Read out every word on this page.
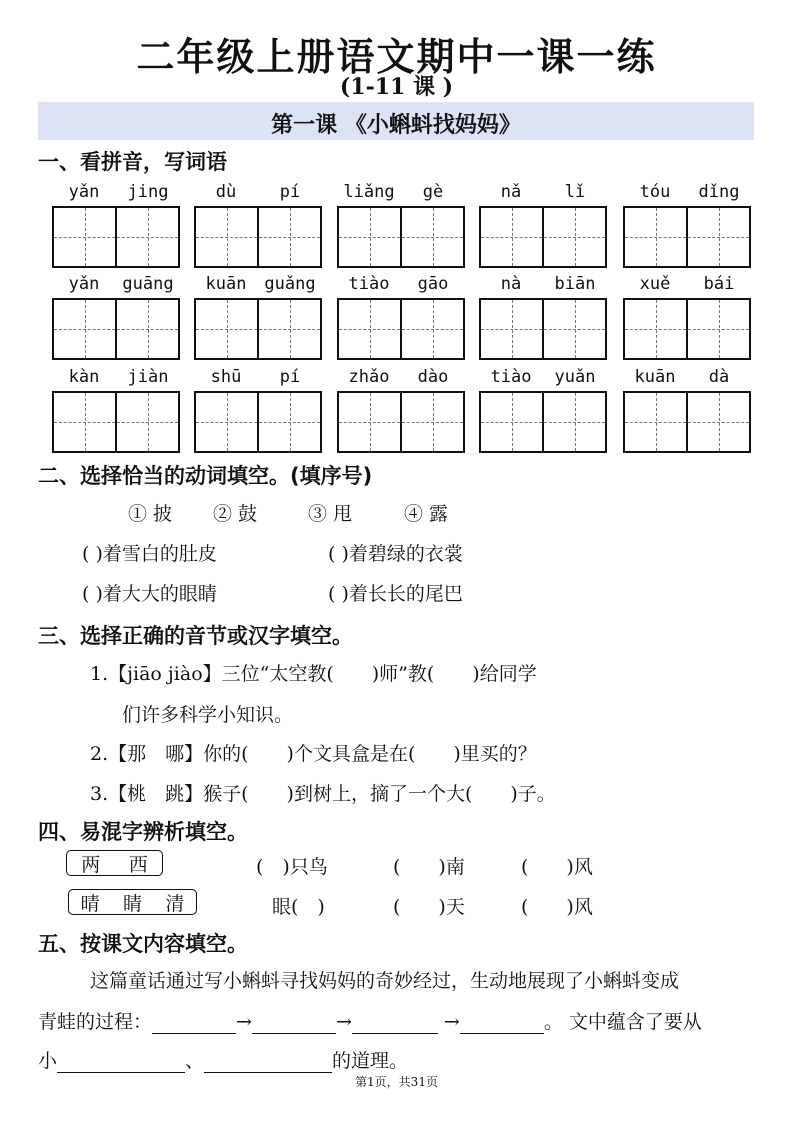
二年级上册语文期中一课一练
(1-11 课 )
第一课 《小蝌蚪找妈妈》
一、看拼音，写词语
yǎn	jing	dù	pí	liǎng	gè	nǎ	lǐ	tóu	dǐng
yǎn	guāng	kuān	guǎng	tiào	gāo	nà	biān	xuě	bái
kàn	jiàn	shū	pí	zhǎo	dào	tiào	yuǎn	kuān	dà
二、选择恰当的动词填空。(填序号)
① 披 ② 鼓	③ 甩	④ 露
( )着雪白的肚皮	( )着碧绿的衣裳
( )着大大的眼睛	( )着长长的尾巴
三、选择正确的音节或汉字填空。
1.【jiāo jiào】三位“太空教(　　)师”教(　　)给同学
们许多科学小知识。
2.【那　哪】你的(　　)个文具盒是在(　　)里买的？
3.【桃　跳】猴子(　　)到树上，摘了一个大(　　)子。
四、易混字辨析填空。
两 西
晴 睛 清
(　)只鸟	(　　)南	(　　)风
眼(　)	(　　)天	(　　)风
五、按课文内容填空。
这篇童话通过写小蝌蚪寻找妈妈的奇妙经过，生动地展现了小蝌蚪变成
青蛙的过程：	→	→	→	。 文中蕴含了要从
小	、	的道理。
第1页，共31页
